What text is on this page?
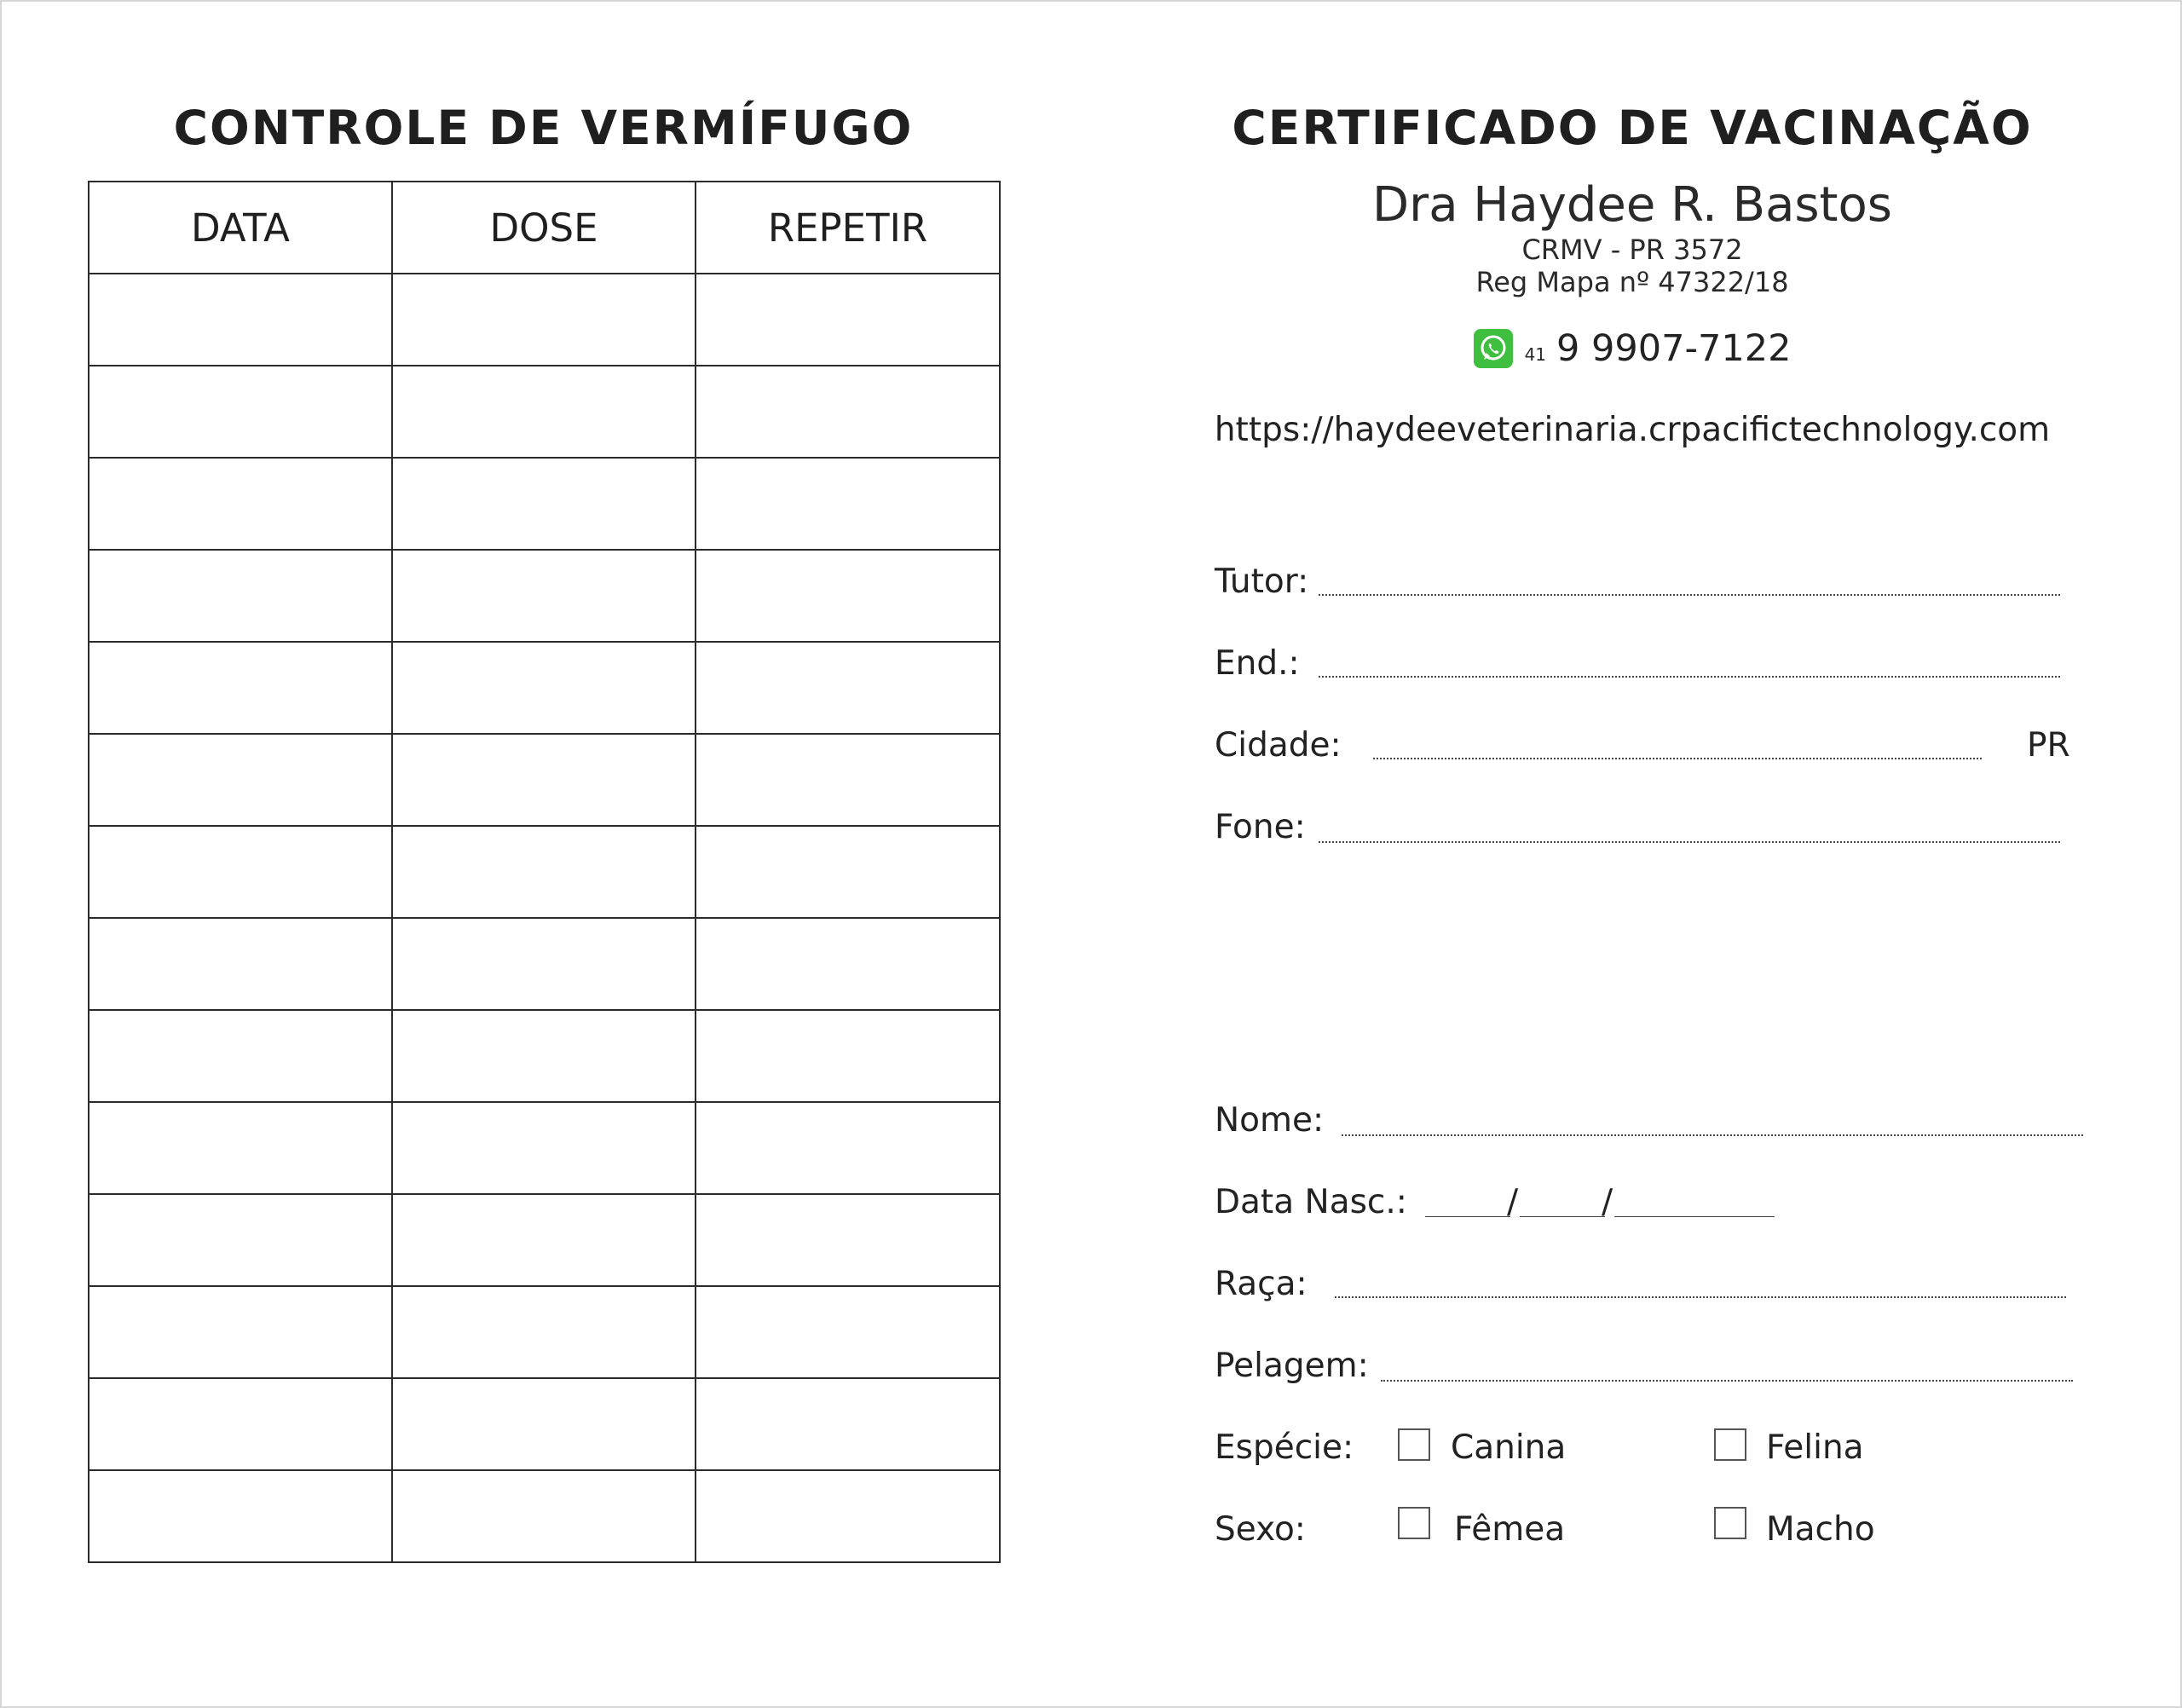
CONTROLE DE VERMÍFUGO
DATA	DOSE	REPETIR

CERTIFICADO DE VACINAÇÃO
Dra Haydee R. Bastos
CRMV - PR 3572
Reg Mapa nº 47322/18
41 9 9907-7122
https://haydeeveterinaria.crpacifictechnology.com
Tutor:
End.:
Cidade:	PR
Fone:
Nome:
Data Nasc.:	/	/
Raça:
Pelagem:
Espécie:	Canina	Felina
Sexo:	Fêmea	Macho
